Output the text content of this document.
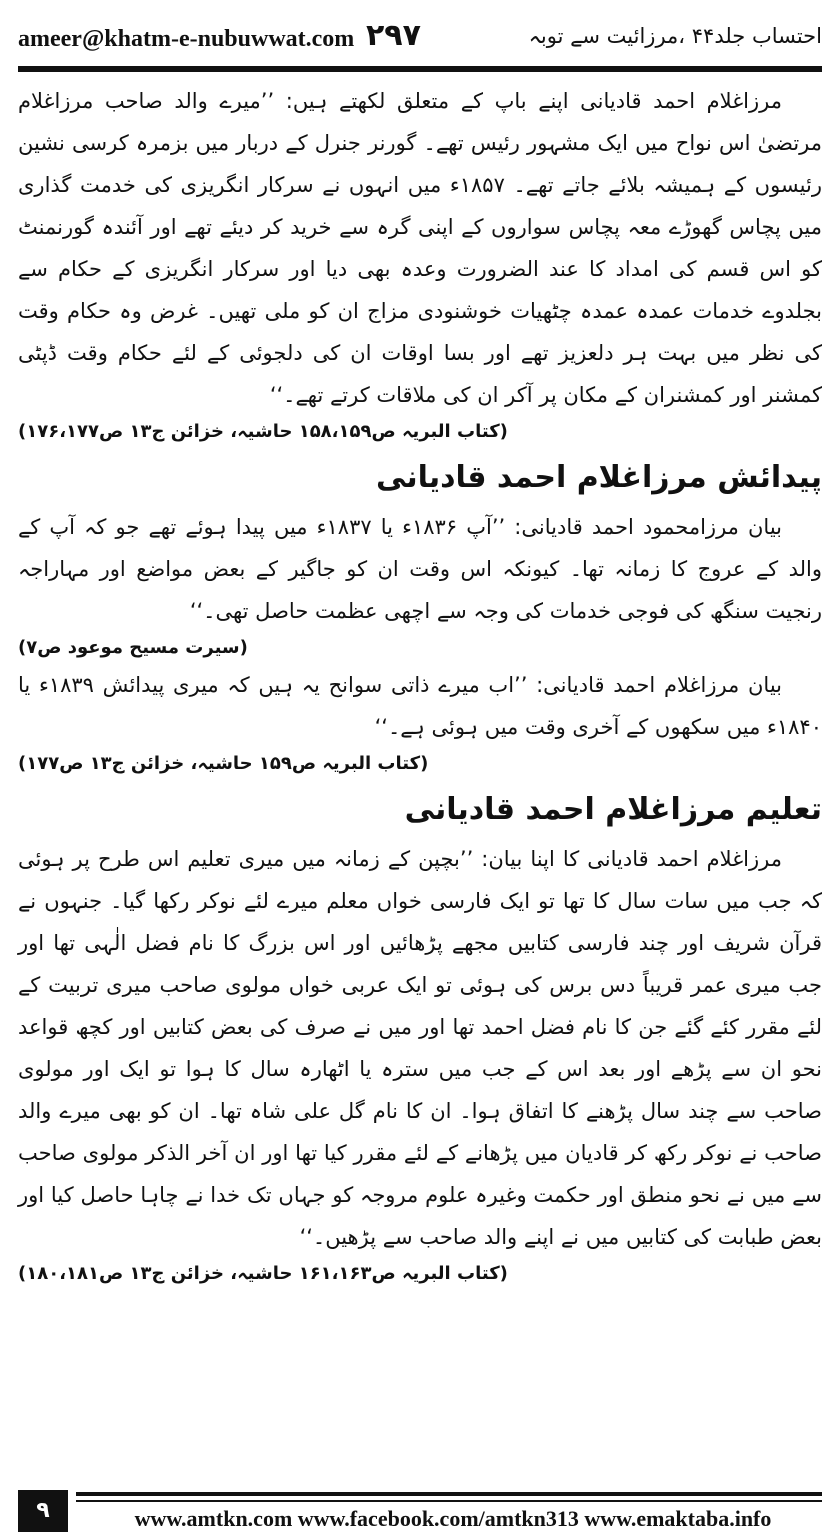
ameer@khatm-e-nubuwwat.com ۲۹۷	احتساب جلد۴۴ ،مرزائیت سے توبہ

مرزاغلام احمد قادیانی اپنے باپ کے متعلق لکھتے ہیں: ’’میرے والد صاحب مرزاغلام مرتضیٰ اس نواح میں ایک مشہور رئیس تھے۔ گورنر جنرل کے دربار میں بزمرہ کرسی نشین رئیسوں کے ہمیشہ بلائے جاتے تھے۔ ۱۸۵۷ء میں انہوں نے سرکار انگریزی کی خدمت گذاری میں پچاس گھوڑے معہ پچاس سواروں کے اپنی گرہ سے خرید کر دیئے تھے اور آئندہ گورنمنٹ کو اس قسم کی امداد کا عند الضرورت وعدہ بھی دیا اور سرکار انگریزی کے حکام سے بجلدوے خدمات عمدہ عمدہ چٹھیات خوشنودی مزاج ان کو ملی تھیں۔ غرض وہ حکام وقت کی نظر میں بہت ہر دلعزیز تھے اور بسا اوقات ان کی دلجوئی کے لئے حکام وقت ڈپٹی کمشنر اور کمشنران کے مکان پر آکر ان کی ملاقات کرتے تھے۔‘‘

(کتاب البریہ ص۱۵۸،۱۵۹ حاشیہ، خزائن ج۱۳ ص۱۷۶،۱۷۷)

پیدائش مرزاغلام احمد قادیانی

بیان مرزامحمود احمد قادیانی: ’’آپ ۱۸۳۶ء یا ۱۸۳۷ء میں پیدا ہوئے تھے جو کہ آپ کے والد کے عروج کا زمانہ تھا۔ کیونکہ اس وقت ان کو جاگیر کے بعض مواضع اور مہاراجہ رنجیت سنگھ کی فوجی خدمات کی وجہ سے اچھی عظمت حاصل تھی۔‘‘

(سیرت مسیح موعود ص۷)

بیان مرزاغلام احمد قادیانی: ’’اب میرے ذاتی سوانح یہ ہیں کہ میری پیدائش ۱۸۳۹ء یا ۱۸۴۰ء میں سکھوں کے آخری وقت میں ہوئی ہے۔‘‘

(کتاب البریہ ص۱۵۹ حاشیہ، خزائن ج۱۳ ص۱۷۷)

تعلیم مرزاغلام احمد قادیانی

مرزاغلام احمد قادیانی کا اپنا بیان: ’’بچپن کے زمانہ میں میری تعلیم اس طرح پر ہوئی کہ جب میں سات سال کا تھا تو ایک فارسی خواں معلم میرے لئے نوکر رکھا گیا۔ جنہوں نے قرآن شریف اور چند فارسی کتابیں مجھے پڑھائیں اور اس بزرگ کا نام فضل الٰہی تھا اور جب میری عمر قریباً دس برس کی ہوئی تو ایک عربی خواں مولوی صاحب میری تربیت کے لئے مقرر کئے گئے جن کا نام فضل احمد تھا اور میں نے صرف کی بعض کتابیں اور کچھ قواعد نحو ان سے پڑھے اور بعد اس کے جب میں سترہ یا اٹھارہ سال کا ہوا تو ایک اور مولوی صاحب سے چند سال پڑھنے کا اتفاق ہوا۔ ان کا نام گل علی شاہ تھا۔ ان کو بھی میرے والد صاحب نے نوکر رکھ کر قادیان میں پڑھانے کے لئے مقرر کیا تھا اور ان آخر الذکر مولوی صاحب سے میں نے نحو منطق اور حکمت وغیرہ علوم مروجہ کو جہاں تک خدا نے چاہا حاصل کیا اور بعض طبابت کی کتابیں میں نے اپنے والد صاحب سے پڑھیں۔‘‘

(کتاب البریہ ص۱۶۱،۱۶۳ حاشیہ، خزائن ج۱۳ ص۱۸۰،۱۸۱)

۹	www.amtkn.com www.facebook.com/amtkn313 www.emaktaba.info
